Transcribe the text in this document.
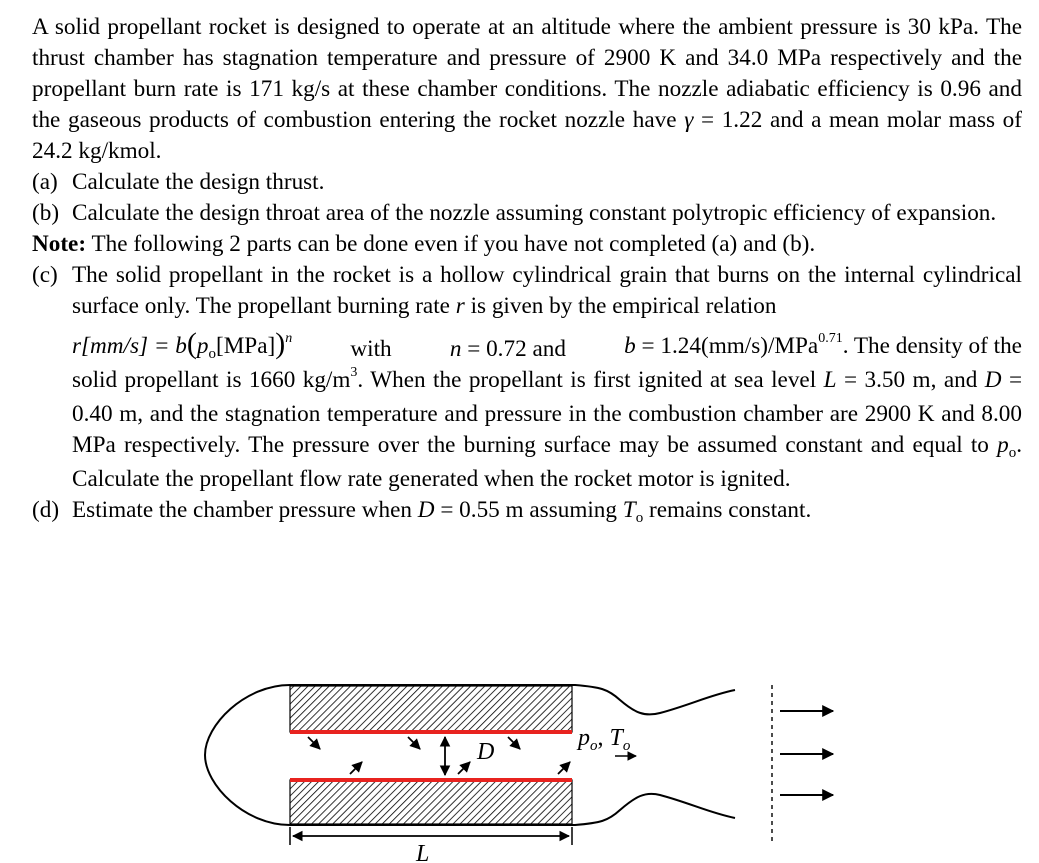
A solid propellant rocket is designed to operate at an altitude where the ambient pressure is 30 kPa. The thrust chamber has stagnation temperature and pressure of 2900 K and 34.0 MPa respectively and the propellant burn rate is 171 kg/s at these chamber conditions. The nozzle adiabatic efficiency is 0.96 and the gaseous products of combustion entering the rocket nozzle have γ = 1.22 and a mean molar mass of 24.2 kg/kmol.

(a) Calculate the design thrust.
(b) Calculate the design throat area of the nozzle assuming constant polytropic efficiency of expansion.

Note: The following 2 parts can be done even if you have not completed (a) and (b).

(c) The solid propellant in the rocket is a hollow cylindrical grain that burns on the internal cylindrical surface only. The propellant burning rate r is given by the empirical relation
$r[mm/s] = b(p_o[MPa])^n$	with	n = 0.72 and	b = 1.24(mm/s)/MPa$^{0.71}$. The density of the
solid propellant is 1660 $kg/m^3$. When the propellant is first ignited at sea level L = 3.50 m, and D = 0.40 m, and the stagnation temperature and pressure in the combustion chamber are 2900 K and 8.00 MPa respectively. The pressure over the burning surface may be assumed constant and equal to $p_o$. Calculate the propellant flow rate generated when the rocket motor is ignited.
(d) Estimate the chamber pressure when D = 0.55 m assuming $T_o$ remains constant.
D
L
$p_o$, $T_o$
